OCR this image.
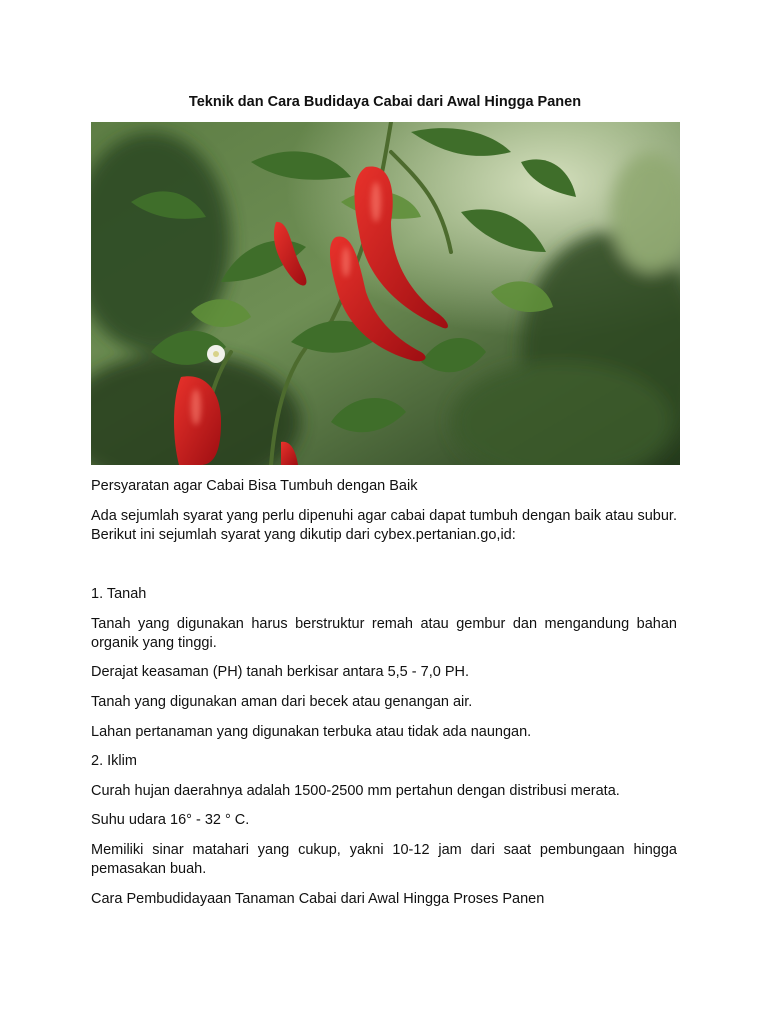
Teknik dan Cara Budidaya Cabai dari Awal Hingga Panen

Persyaratan agar Cabai Bisa Tumbuh dengan Baik

Ada sejumlah syarat yang perlu dipenuhi agar cabai dapat tumbuh dengan baik atau subur. Berikut ini sejumlah syarat yang dikutip dari cybex.pertanian.go,id:

1. Tanah

Tanah yang digunakan harus berstruktur remah atau gembur dan mengandung bahan organik yang tinggi.

Derajat keasaman (PH) tanah berkisar antara 5,5 - 7,0 PH.

Tanah yang digunakan aman dari becek atau genangan air.

Lahan pertanaman yang digunakan terbuka atau tidak ada naungan.

2. Iklim

Curah hujan daerahnya adalah 1500-2500 mm pertahun dengan distribusi merata.

Suhu udara 16° - 32 ° C.

Memiliki sinar matahari yang cukup, yakni 10-12 jam dari saat pembungaan hingga pemasakan buah.

Cara Pembudidayaan Tanaman Cabai dari Awal Hingga Proses Panen
